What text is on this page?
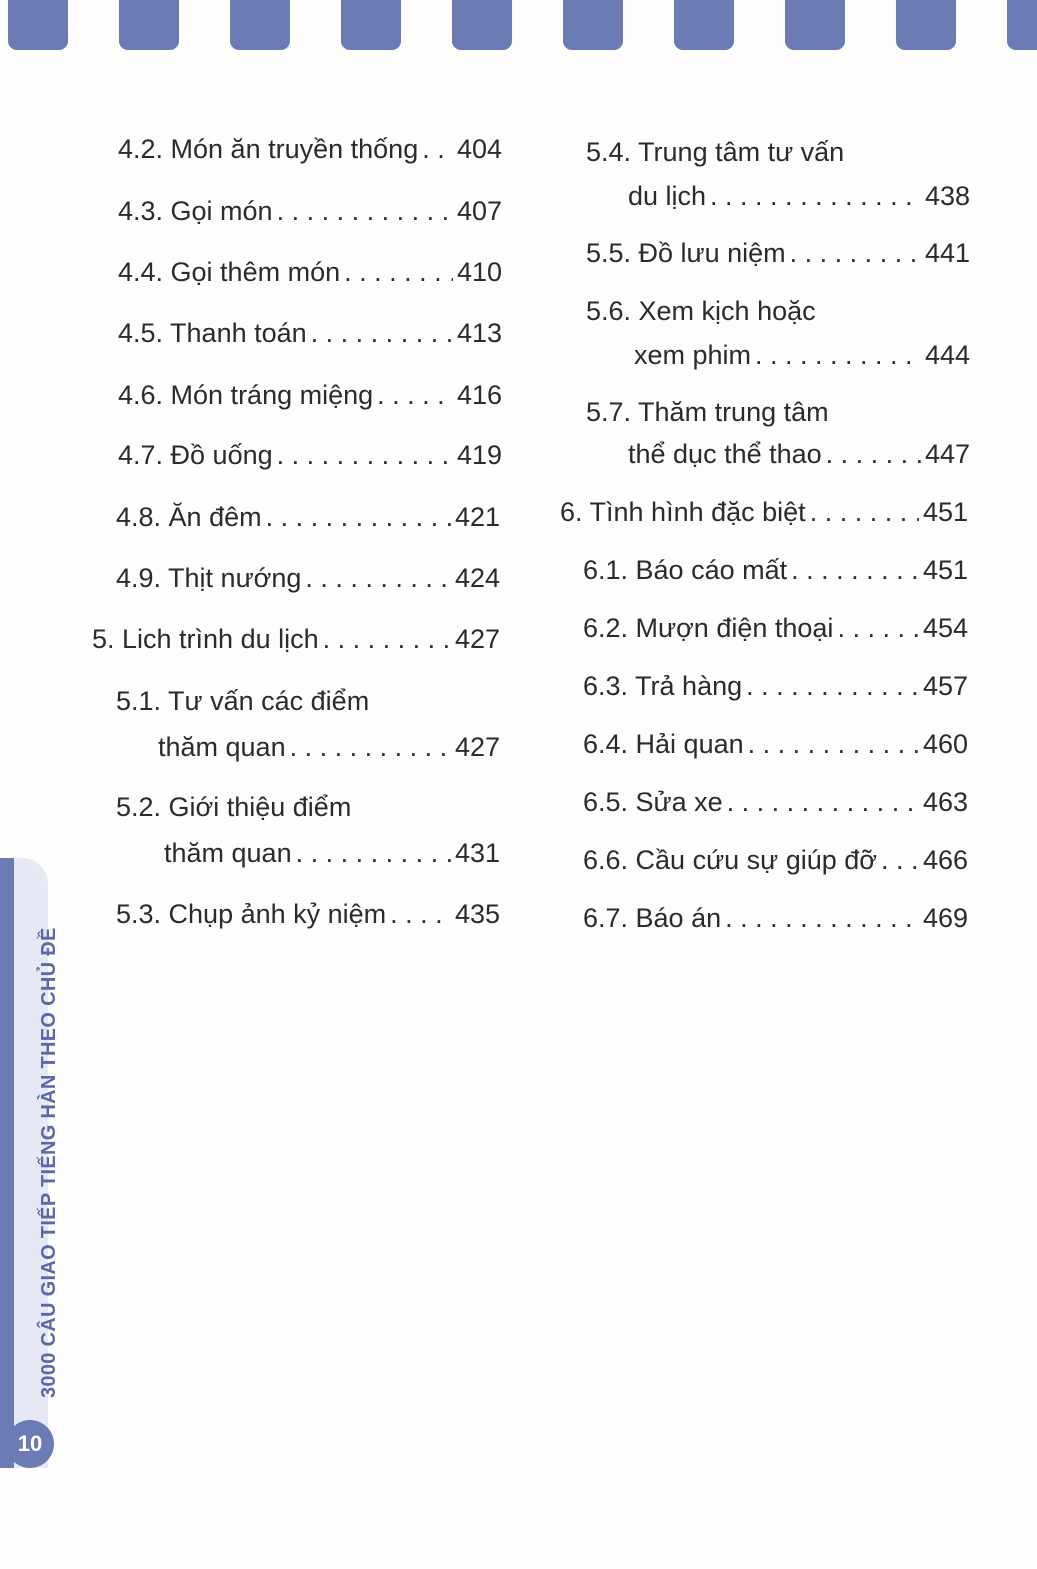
4.2. Món ăn truyền thống . . . 404
4.3. Gọi món . . .	407
4.4. Gọi thêm món . . .	410
4.5. Thanh toán . . .	413
4.6. Món tráng miệng . . .	416
4.7. Đồ uống . . .	419
4.8. Ăn đêm . . .	421
4.9. Thịt nướng . . .	424
5. Lich trình du lịch . . .	427
5.1. Tư vấn các điểm
thăm quan . . .	427
5.2. Giới thiệu điểm
thăm quan . . .	431
5.3. Chụp ảnh kỷ niệm . . .	435
5.4. Trung tâm tư vấn
du lịch . . .	438
5.5. Đồ lưu niệm . . .	441
5.6. Xem kịch hoặc
xem phim . . .	444
5.7. Thăm trung tâm
thể dục thể thao . . .	447
6. Tình hình đặc biệt . . .	451
6.1. Báo cáo mất . . .	451
6.2. Mượn điện thoại . . .	454
6.3. Trả hàng . . .	457
6.4. Hải quan . . .	460
6.5. Sửa xe . . .	463
6.6. Cầu cứu sự giúp đỡ . . . 466
6.7. Báo án . . .	469
3000 CÂU GIAO TIẾP TIẾNG HÀN THEO CHỦ ĐỀ
10
